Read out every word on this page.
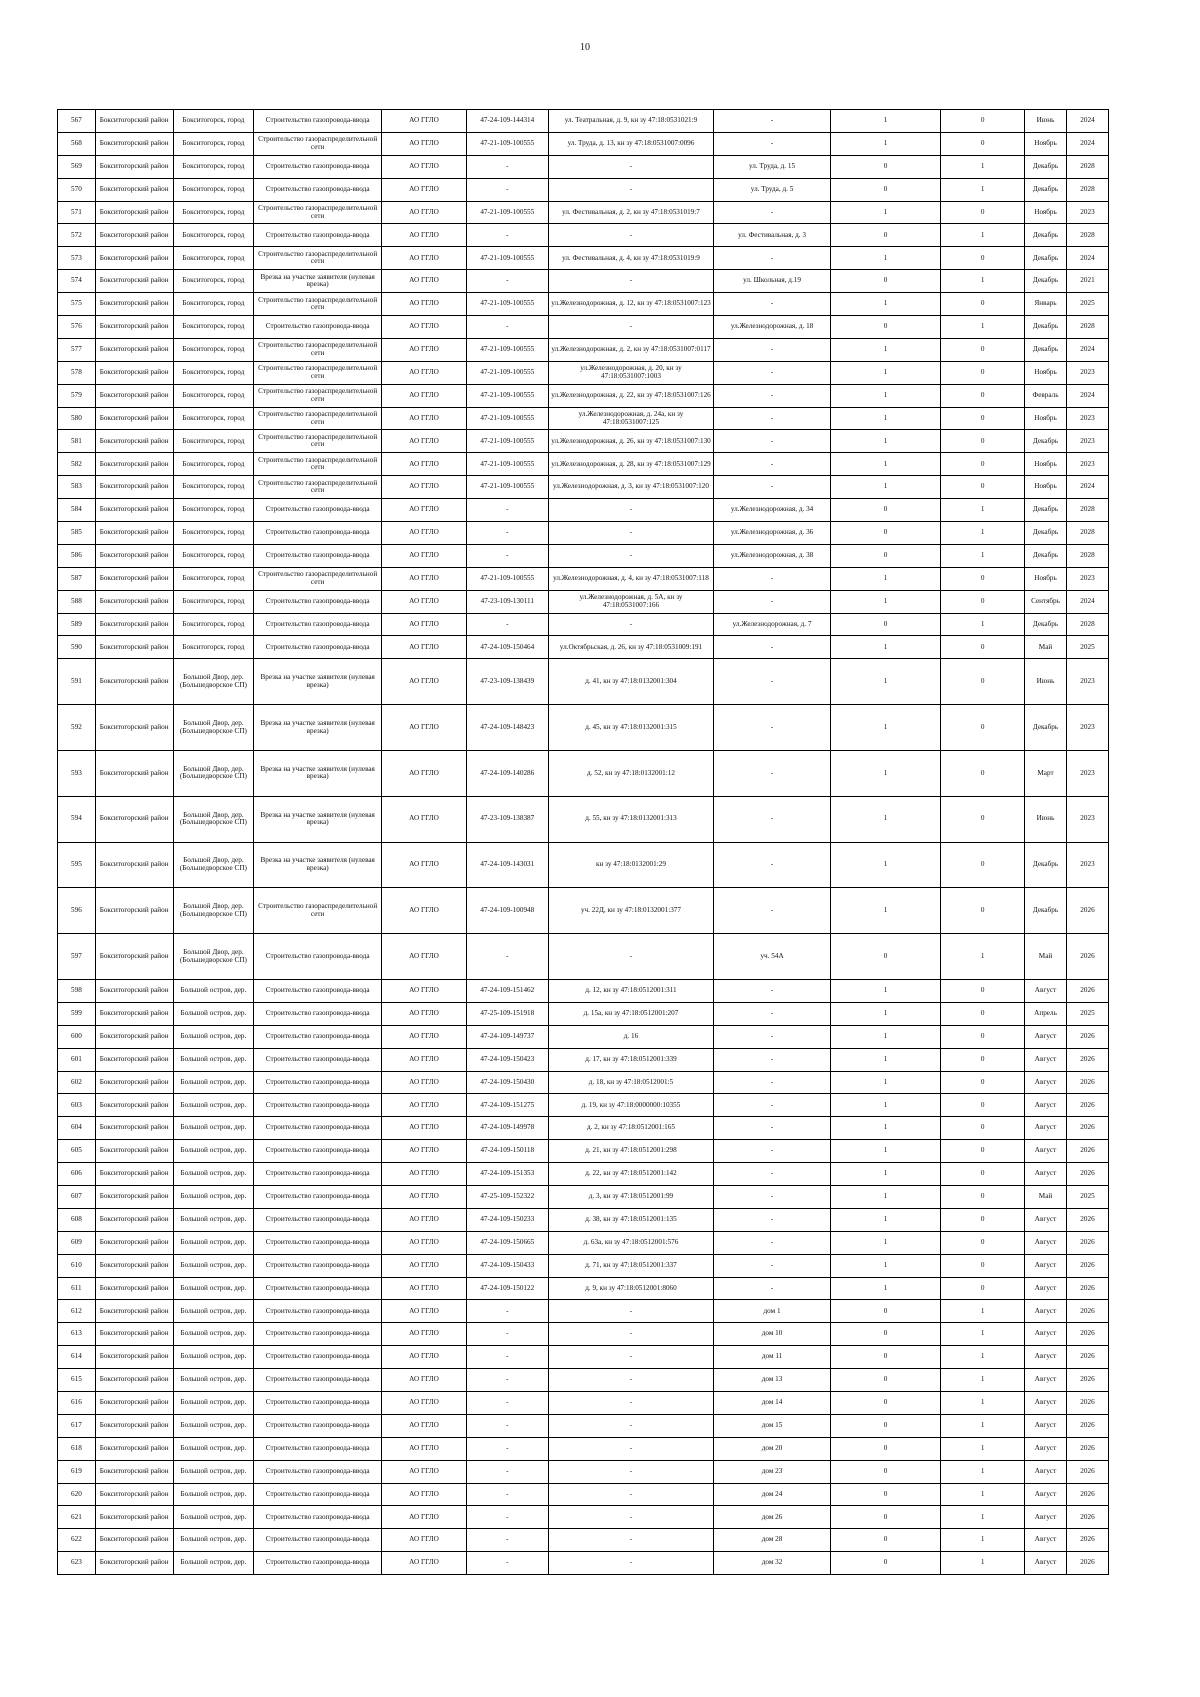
10
567	Бокситогорский район	Бокситогорск, город	Строительство газопровода-ввода	АО ГГЛО	47-24-109-144314	ул. Театральная, д. 9, кн зу 47:18:0531021:9	-	1	0	Июнь	2024
568	Бокситогорский район	Бокситогорск, город	Строительство газораспределительной сети	АО ГГЛО	47-21-109-100555	ул. Труда, д. 13, кн зу 47:18:0531007:0096	-	1	0	Ноябрь	2024
569	Бокситогорский район	Бокситогорск, город	Строительство газопровода-ввода	АО ГГЛО	-	-	ул. Труда, д. 15	0	1	Декабрь	2028
570	Бокситогорский район	Бокситогорск, город	Строительство газопровода-ввода	АО ГГЛО	-	-	ул. Труда, д. 5	0	1	Декабрь	2028
571	Бокситогорский район	Бокситогорск, город	Строительство газораспределительной сети	АО ГГЛО	47-21-109-100555	ул. Фестивальная, д. 2, кн зу 47:18:0531019:7	-	1	0	Ноябрь	2023
572	Бокситогорский район	Бокситогорск, город	Строительство газопровода-ввода	АО ГГЛО	-	-	ул. Фестивальная, д. 3	0	1	Декабрь	2028
573	Бокситогорский район	Бокситогорск, город	Строительство газораспределительной сети	АО ГГЛО	47-21-109-100555	ул. Фестивальная, д. 4, кн зу 47:18:0531019:9	-	1	0	Декабрь	2024
574	Бокситогорский район	Бокситогорск, город	Врезка на участке заявителя (нулевая врезка)	АО ГГЛО	-	-	ул. Школьная, д.19	0	1	Декабрь	2021
575	Бокситогорский район	Бокситогорск, город	Строительство газораспределительной сети	АО ГГЛО	47-21-109-100555	ул.Железнодорожная, д. 12, кн зу 47:18:0531007:123	-	1	0	Январь	2025
576	Бокситогорский район	Бокситогорск, город	Строительство газопровода-ввода	АО ГГЛО	-	-	ул.Железнодорожная, д. 18	0	1	Декабрь	2028
577	Бокситогорский район	Бокситогорск, город	Строительство газораспределительной сети	АО ГГЛО	47-21-109-100555	ул.Железнодорожная, д. 2, кн зу 47:18:0531007:0117	-	1	0	Декабрь	2024
578	Бокситогорский район	Бокситогорск, город	Строительство газораспределительной сети	АО ГГЛО	47-21-109-100555	ул.Железнодорожная, д. 20, кн зу 47:18:0531007:1003	-	1	0	Ноябрь	2023
579	Бокситогорский район	Бокситогорск, город	Строительство газораспределительной сети	АО ГГЛО	47-21-109-100555	ул.Железнодорожная, д. 22, кн зу 47:18:0531007:126	-	1	0	Февраль	2024
580	Бокситогорский район	Бокситогорск, город	Строительство газораспределительной сети	АО ГГЛО	47-21-109-100555	ул.Железнодорожная, д. 24а, кн зу 47:18:0531007:125	-	1	0	Ноябрь	2023
581	Бокситогорский район	Бокситогорск, город	Строительство газораспределительной сети	АО ГГЛО	47-21-109-100555	ул.Железнодорожная, д. 26, кн зу 47:18:0531007:130	-	1	0	Декабрь	2023
582	Бокситогорский район	Бокситогорск, город	Строительство газораспределительной сети	АО ГГЛО	47-21-109-100555	ул.Железнодорожная, д. 28, кн зу 47:18:0531007:129	-	1	0	Ноябрь	2023
583	Бокситогорский район	Бокситогорск, город	Строительство газораспределительной сети	АО ГГЛО	47-21-109-100555	ул.Железнодорожная, д. 3, кн зу 47:18:0531007:120	-	1	0	Ноябрь	2024
584	Бокситогорский район	Бокситогорск, город	Строительство газопровода-ввода	АО ГГЛО	-	-	ул.Железнодорожная, д. 34	0	1	Декабрь	2028
585	Бокситогорский район	Бокситогорск, город	Строительство газопровода-ввода	АО ГГЛО	-	-	ул.Железнодорожная, д. 36	0	1	Декабрь	2028
586	Бокситогорский район	Бокситогорск, город	Строительство газопровода-ввода	АО ГГЛО	-	-	ул.Железнодорожная, д. 38	0	1	Декабрь	2028
587	Бокситогорский район	Бокситогорск, город	Строительство газораспределительной сети	АО ГГЛО	47-21-109-100555	ул.Железнодорожная, д. 4, кн зу 47:18:0531007:118	-	1	0	Ноябрь	2023
588	Бокситогорский район	Бокситогорск, город	Строительство газопровода-ввода	АО ГГЛО	47-23-109-130111	ул.Железнодорожная, д. 5А, кн зу 47:18:0531007:166	-	1	0	Сентябрь	2024
589	Бокситогорский район	Бокситогорск, город	Строительство газопровода-ввода	АО ГГЛО	-	-	ул.Железнодорожная, д. 7	0	1	Декабрь	2028
590	Бокситогорский район	Бокситогорск, город	Строительство газопровода-ввода	АО ГГЛО	47-24-109-150464	ул.Октябрьская, д. 26, кн зу 47:18:0531009:191	-	1	0	Май	2025
591	Бокситогорский район	Большой Двор, дер. (Большедворское СП)	Врезка на участке заявителя (нулевая врезка)	АО ГГЛО	47-23-109-138439	д. 41, кн зу 47:18:0132001:304	-	1	0	Июнь	2023
592	Бокситогорский район	Большой Двор, дер. (Большедворское СП)	Врезка на участке заявителя (нулевая врезка)	АО ГГЛО	47-24-109-148423	д. 45, кн зу 47:18:0132001:315	-	1	0	Декабрь	2023
593	Бокситогорский район	Большой Двор, дер. (Большедворское СП)	Врезка на участке заявителя (нулевая врезка)	АО ГГЛО	47-24-109-140286	д. 52, кн зу 47:18:0132001:12	-	1	0	Март	2023
594	Бокситогорский район	Большой Двор, дер. (Большедворское СП)	Врезка на участке заявителя (нулевая врезка)	АО ГГЛО	47-23-109-138387	д. 55, кн зу 47:18:0132001:313	-	1	0	Июнь	2023
595	Бокситогорский район	Большой Двор, дер. (Большедворское СП)	Врезка на участке заявителя (нулевая врезка)	АО ГГЛО	47-24-109-143031	кн зу 47:18:0132001:29	-	1	0	Декабрь	2023
596	Бокситогорский район	Большой Двор, дер. (Большедворское СП)	Строительство газораспределительной сети	АО ГГЛО	47-24-109-100948	уч. 22Д, кн зу 47:18:0132001:377	-	1	0	Декабрь	2026
597	Бокситогорский район	Большой Двор, дер. (Большедворское СП)	Строительство газопровода-ввода	АО ГГЛО	-	-	уч. 54А	0	1	Май	2026
598	Бокситогорский район	Большой остров, дер.	Строительство газопровода-ввода	АО ГГЛО	47-24-109-151462	д. 12, кн зу 47:18:0512001:311	-	1	0	Август	2026
599	Бокситогорский район	Большой остров, дер.	Строительство газопровода-ввода	АО ГГЛО	47-25-109-151918	д. 15а, кн зу 47:18:0512001:207	-	1	0	Апрель	2025
600	Бокситогорский район	Большой остров, дер.	Строительство газопровода-ввода	АО ГГЛО	47-24-109-149737	д. 16	-	1	0	Август	2026
601	Бокситогорский район	Большой остров, дер.	Строительство газопровода-ввода	АО ГГЛО	47-24-109-150423	д. 17, кн зу 47:18:0512001:339	-	1	0	Август	2026
602	Бокситогорский район	Большой остров, дер.	Строительство газопровода-ввода	АО ГГЛО	47-24-109-150430	д. 18, кн зу 47:18:0512001:5	-	1	0	Август	2026
603	Бокситогорский район	Большой остров, дер.	Строительство газопровода-ввода	АО ГГЛО	47-24-109-151275	д. 19, кн зу 47:18:0000000:10355	-	1	0	Август	2026
604	Бокситогорский район	Большой остров, дер.	Строительство газопровода-ввода	АО ГГЛО	47-24-109-149978	д. 2, кн зу 47:18:0512001:165	-	1	0	Август	2026
605	Бокситогорский район	Большой остров, дер.	Строительство газопровода-ввода	АО ГГЛО	47-24-109-150118	д. 21, кн зу 47:18:0512001:298	-	1	0	Август	2026
606	Бокситогорский район	Большой остров, дер.	Строительство газопровода-ввода	АО ГГЛО	47-24-109-151353	д. 22, кн зу 47:18:0512001:142	-	1	0	Август	2026
607	Бокситогорский район	Большой остров, дер.	Строительство газопровода-ввода	АО ГГЛО	47-25-109-152322	д. 3, кн зу 47:18:0512001:99	-	1	0	Май	2025
608	Бокситогорский район	Большой остров, дер.	Строительство газопровода-ввода	АО ГГЛО	47-24-109-150233	д. 38, кн зу 47:18:0512001:135	-	1	0	Август	2026
609	Бокситогорский район	Большой остров, дер.	Строительство газопровода-ввода	АО ГГЛО	47-24-109-150665	д. 63а, кн зу 47:18:0512001:576	-	1	0	Август	2026
610	Бокситогорский район	Большой остров, дер.	Строительство газопровода-ввода	АО ГГЛО	47-24-109-150433	д. 71, кн зу 47:18:0512001:337	-	1	0	Август	2026
611	Бокситогорский район	Большой остров, дер.	Строительство газопровода-ввода	АО ГГЛО	47-24-109-150122	д. 9, кн зу 47:18:0512001:8060	-	1	0	Август	2026
612	Бокситогорский район	Большой остров, дер.	Строительство газопровода-ввода	АО ГГЛО	-	-	дом 1	0	1	Август	2026
613	Бокситогорский район	Большой остров, дер.	Строительство газопровода-ввода	АО ГГЛО	-	-	дом 10	0	1	Август	2026
614	Бокситогорский район	Большой остров, дер.	Строительство газопровода-ввода	АО ГГЛО	-	-	дом 11	0	1	Август	2026
615	Бокситогорский район	Большой остров, дер.	Строительство газопровода-ввода	АО ГГЛО	-	-	дом 13	0	1	Август	2026
616	Бокситогорский район	Большой остров, дер.	Строительство газопровода-ввода	АО ГГЛО	-	-	дом 14	0	1	Август	2026
617	Бокситогорский район	Большой остров, дер.	Строительство газопровода-ввода	АО ГГЛО	-	-	дом 15	0	1	Август	2026
618	Бокситогорский район	Большой остров, дер.	Строительство газопровода-ввода	АО ГГЛО	-	-	дом 20	0	1	Август	2026
619	Бокситогорский район	Большой остров, дер.	Строительство газопровода-ввода	АО ГГЛО	-	-	дом 23	0	1	Август	2026
620	Бокситогорский район	Большой остров, дер.	Строительство газопровода-ввода	АО ГГЛО	-	-	дом 24	0	1	Август	2026
621	Бокситогорский район	Большой остров, дер.	Строительство газопровода-ввода	АО ГГЛО	-	-	дом 26	0	1	Август	2026
622	Бокситогорский район	Большой остров, дер.	Строительство газопровода-ввода	АО ГГЛО	-	-	дом 28	0	1	Август	2026
623	Бокситогорский район	Большой остров, дер.	Строительство газопровода-ввода	АО ГГЛО	-	-	дом 32	0	1	Август	2026
